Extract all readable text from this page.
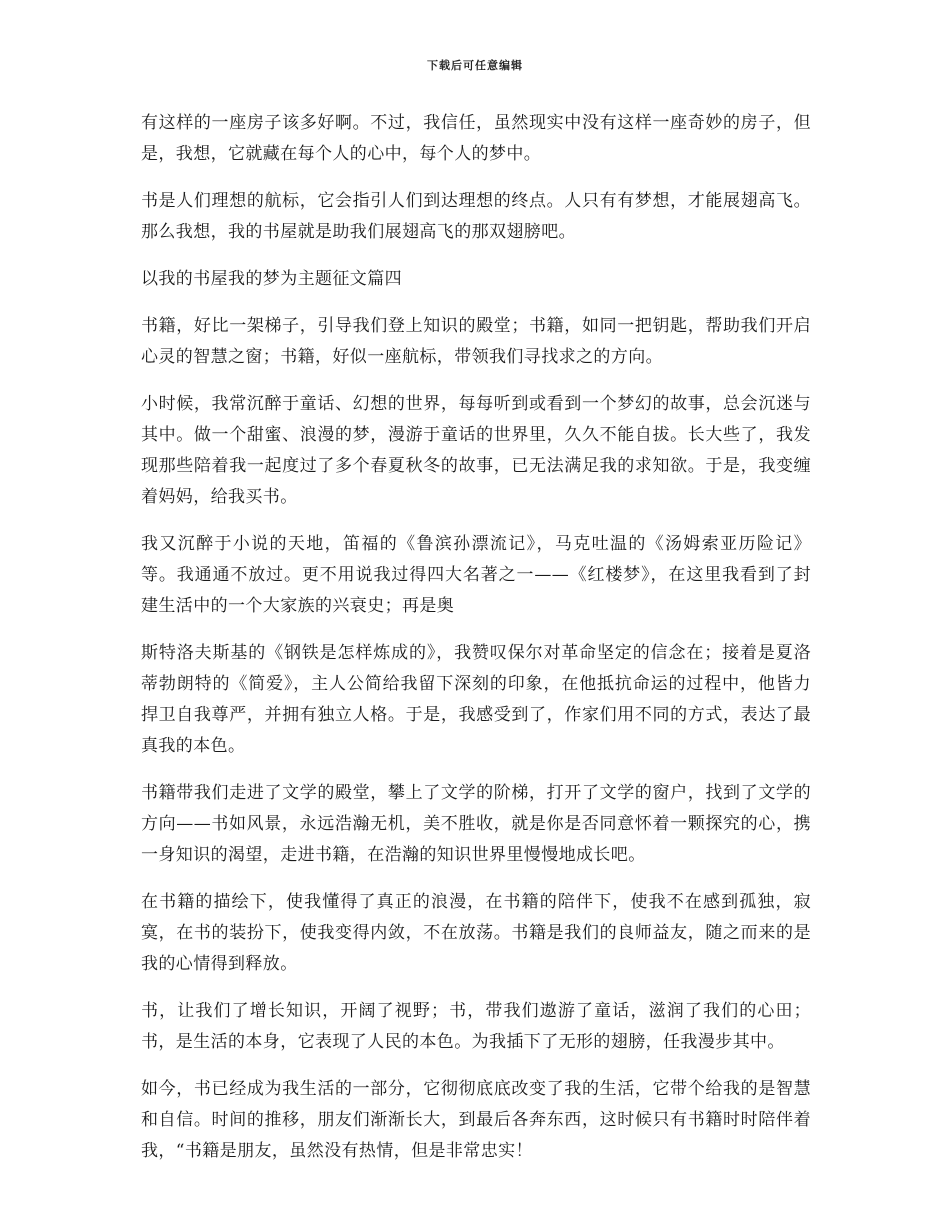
下载后可任意编辑

有这样的一座房子该多好啊。不过，我信任，虽然现实中没有这样一座奇妙的房子，但是，我想，它就藏在每个人的心中，每个人的梦中。

书是人们理想的航标，它会指引人们到达理想的终点。人只有有梦想，才能展翅高飞。那么我想，我的书屋就是助我们展翅高飞的那双翅膀吧。

以我的书屋我的梦为主题征文篇四

书籍，好比一架梯子，引导我们登上知识的殿堂；书籍，如同一把钥匙，帮助我们开启心灵的智慧之窗；书籍，好似一座航标，带领我们寻找求之的方向。

小时候，我常沉醉于童话、幻想的世界，每每听到或看到一个梦幻的故事，总会沉迷与其中。做一个甜蜜、浪漫的梦，漫游于童话的世界里，久久不能自拔。长大些了，我发现那些陪着我一起度过了多个春夏秋冬的故事，已无法满足我的求知欲。于是，我变缠着妈妈，给我买书。

我又沉醉于小说的天地，笛福的《鲁滨孙漂流记》，马克吐温的《汤姆索亚历险记》等。我通通不放过。更不用说我过得四大名著之一——《红楼梦》，在这里我看到了封建生活中的一个大家族的兴衰史；再是奥

斯特洛夫斯基的《钢铁是怎样炼成的》，我赞叹保尔对革命坚定的信念在；接着是夏洛蒂勃朗特的《简爱》，主人公简给我留下深刻的印象，在他抵抗命运的过程中，他皆力捍卫自我尊严，并拥有独立人格。于是，我感受到了，作家们用不同的方式，表达了最真我的本色。

书籍带我们走进了文学的殿堂，攀上了文学的阶梯，打开了文学的窗户，找到了文学的方向——书如风景，永远浩瀚无机，美不胜收，就是你是否同意怀着一颗探究的心，携一身知识的渴望，走进书籍，在浩瀚的知识世界里慢慢地成长吧。

在书籍的描绘下，使我懂得了真正的浪漫，在书籍的陪伴下，使我不在感到孤独，寂寞，在书的装扮下，使我变得内敛，不在放荡。书籍是我们的良师益友，随之而来的是我的心情得到释放。

书，让我们了增长知识，开阔了视野；书，带我们遨游了童话，滋润了我们的心田；书，是生活的本身，它表现了人民的本色。为我插下了无形的翅膀，任我漫步其中。

如今，书已经成为我生活的一部分，它彻彻底底改变了我的生活，它带个给我的是智慧和自信。时间的推移，朋友们渐渐长大，到最后各奔东西，这时候只有书籍时时陪伴着我，“书籍是朋友，虽然没有热情，但是非常忠实！
